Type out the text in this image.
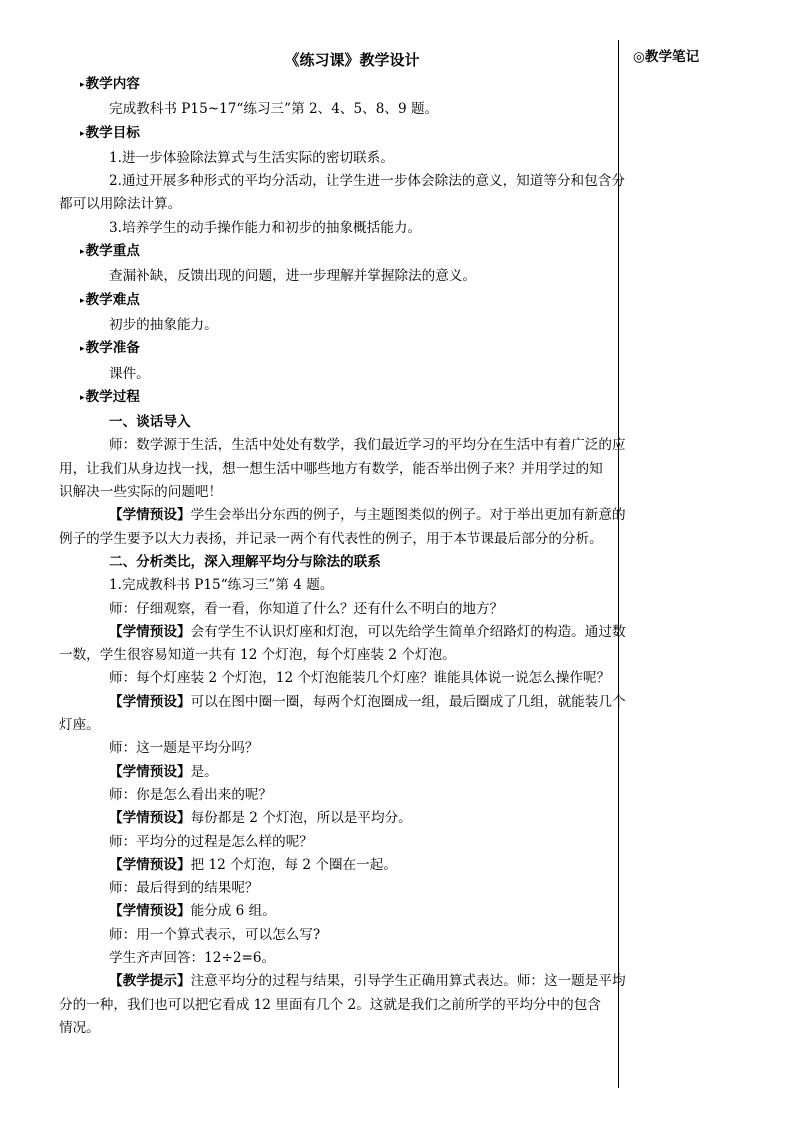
◎教学笔记
《练习课》教学设计
▸ 教学内容
完成教科书 P15~17“练习三”第 2、4、5、8、9 题。
▸ 教学目标
1.进一步体验除法算式与生活实际的密切联系。
2.通过开展多种形式的平均分活动，让学生进一步体会除法的意义，知道等分和包含分
都可以用除法计算。
3.培养学生的动手操作能力和初步的抽象概括能力。
▸ 教学重点
查漏补缺，反馈出现的问题，进一步理解并掌握除法的意义。
▸ 教学难点
初步的抽象能力。
▸ 教学准备
课件。
▸ 教学过程
一、谈话导入
师：数学源于生活，生活中处处有数学，我们最近学习的平均分在生活中有着广泛的应
用，让我们从身边找一找，想一想生活中哪些地方有数学，能否举出例子来？并用学过的知
识解决一些实际的问题吧！
【学情预设】学生会举出分东西的例子，与主题图类似的例子。对于举出更加有新意的
例子的学生要予以大力表扬，并记录一两个有代表性的例子，用于本节课最后部分的分析。
二、分析类比，深入理解平均分与除法的联系
1.完成教科书 P15“练习三”第 4 题。
师：仔细观察，看一看，你知道了什么？还有什么不明白的地方？
【学情预设】会有学生不认识灯座和灯泡，可以先给学生简单介绍路灯的构造。通过数
一数，学生很容易知道一共有 12 个灯泡，每个灯座装 2 个灯泡。
师：每个灯座装 2 个灯泡，12 个灯泡能装几个灯座？谁能具体说一说怎么操作呢？
【学情预设】可以在图中圈一圈，每两个灯泡圈成一组，最后圈成了几组，就能装几个
灯座。
师：这一题是平均分吗？
【学情预设】是。
师：你是怎么看出来的呢？
【学情预设】每份都是 2 个灯泡，所以是平均分。
师：平均分的过程是怎么样的呢？
【学情预设】把 12 个灯泡，每 2 个圈在一起。
师：最后得到的结果呢？
【学情预设】能分成 6 组。
师：用一个算式表示，可以怎么写?
学生齐声回答：12÷2=6。
【教学提示】注意平均分的过程与结果，引导学生正确用算式表达。师：这一题是平均
分的一种，我们也可以把它看成 12 里面有几个 2。这就是我们之前所学的平均分中的包含
情况。
